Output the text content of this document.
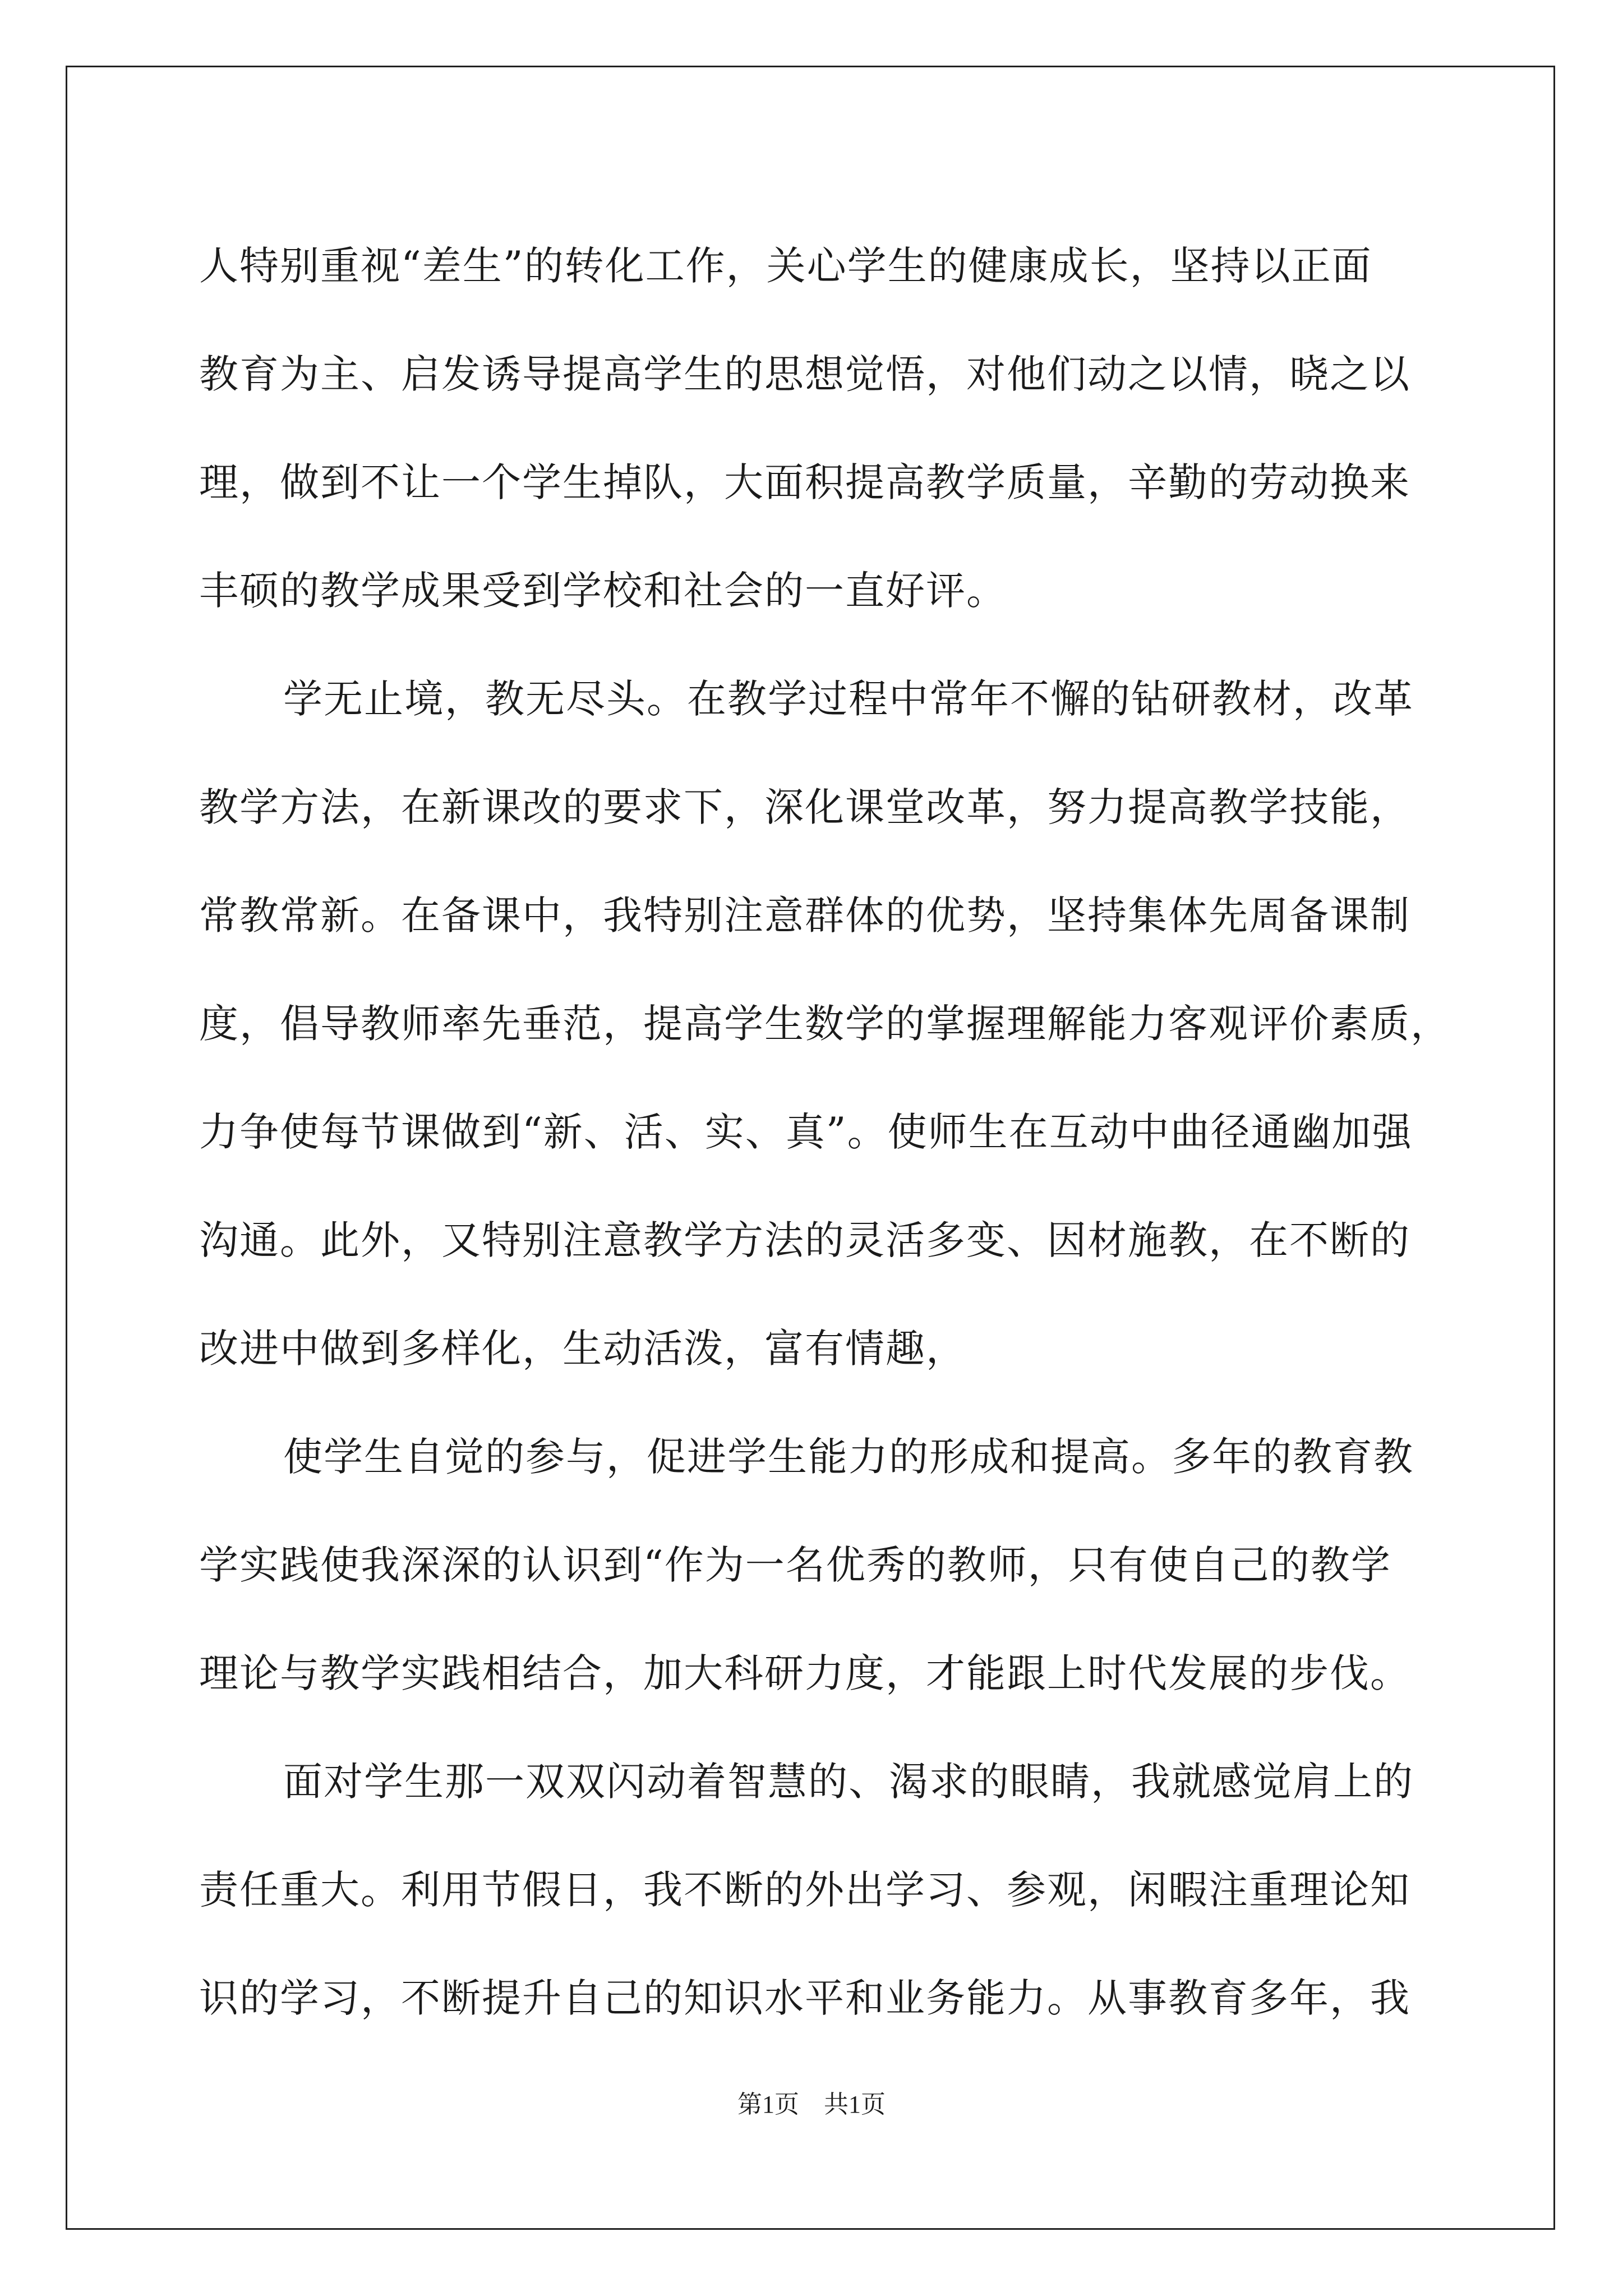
人特别重视“差生”的转化工作，关心学生的健康成长，坚持以正面
教育为主、启发诱导提高学生的思想觉悟，对他们动之以情，晓之以
理，做到不让一个学生掉队，大面积提高教学质量，辛勤的劳动换来
丰硕的教学成果受到学校和社会的一直好评。
学无止境，教无尽头。在教学过程中常年不懈的钻研教材，改革
教学方法，在新课改的要求下，深化课堂改革，努力提高教学技能，
常教常新。在备课中，我特别注意群体的优势，坚持集体先周备课制
度，倡导教师率先垂范，提高学生数学的掌握理解能力客观评价素质，
力争使每节课做到“新、活、实、真”。使师生在互动中曲径通幽加强
沟通。此外，又特别注意教学方法的灵活多变、因材施教，在不断的
改进中做到多样化，生动活泼，富有情趣，
使学生自觉的参与，促进学生能力的形成和提高。多年的教育教
学实践使我深深的认识到“作为一名优秀的教师，只有使自己的教学
理论与教学实践相结合，加大科研力度，才能跟上时代发展的步伐。
面对学生那一双双闪动着智慧的、渴求的眼睛，我就感觉肩上的
责任重大。利用节假日，我不断的外出学习、参观，闲暇注重理论知
识的学习，不断提升自己的知识水平和业务能力。从事教育多年，我
第1页　共1页
